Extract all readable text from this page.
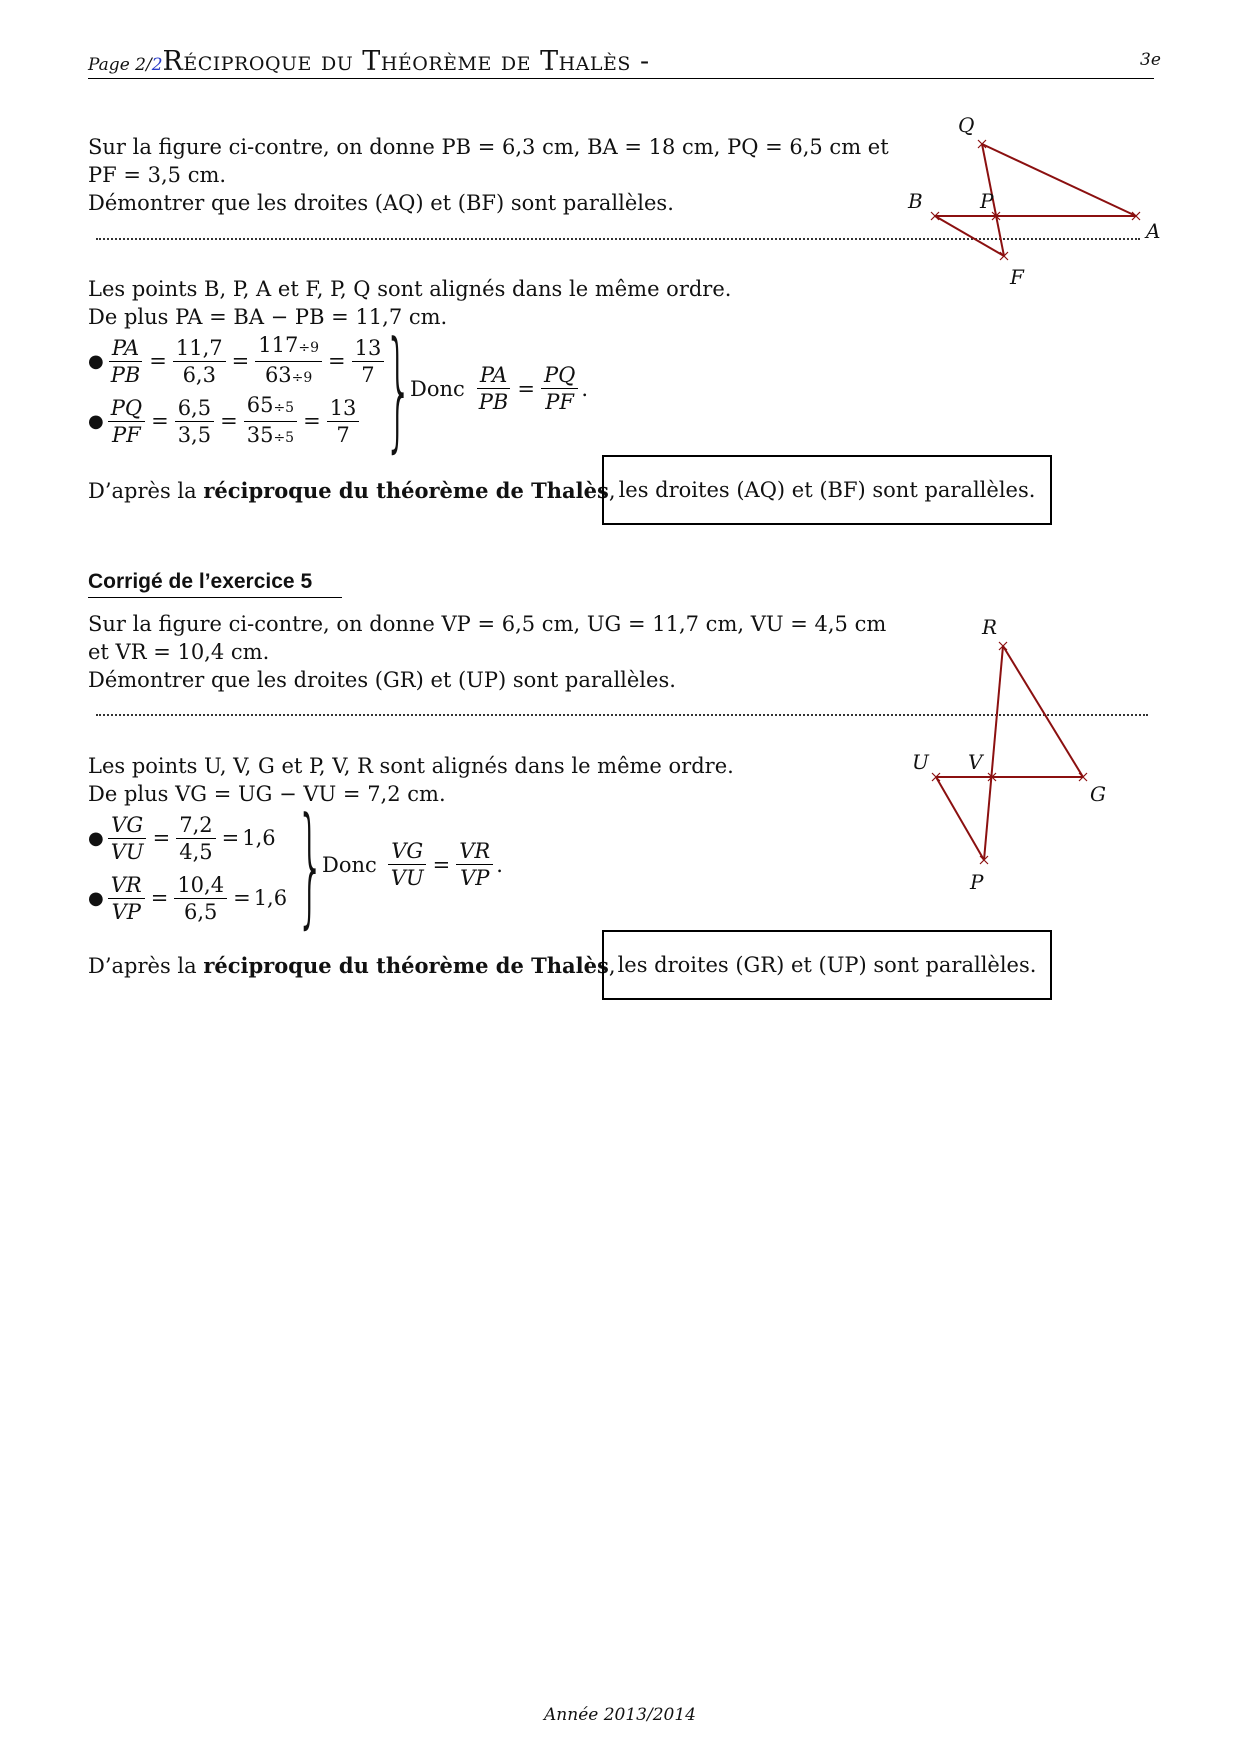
Page 2/2Réciproque du Théorème de Thalès -	3e
Sur la figure ci-contre, on donne PB = 6,3 cm, BA = 18 cm, PQ = 6,5 cm et
PF = 3,5 cm.
Démontrer que les droites (AQ) et (BF) sont parallèles.
Q
B	P
A
F
Les points B, P, A et F, P, Q sont alignés dans le même ordre.
De plus PA = BA − PB = 11,7 cm.
● $\frac{PA}{PB} = \frac{11,7}{6,3} = \frac{117\div 9}{63\div 9} = \frac{13}{7}$
● $\frac{PQ}{PF} = \frac{6,5}{3,5} = \frac{65\div 5}{35\div 5} = \frac{13}{7}$ }
Donc $\frac{PA}{PB} = \frac{PQ}{PF}$ .
D’après la réciproque du théorème de Thalès, les droites (AQ) et (BF) sont parallèles.
Corrigé de l’exercice 5
Sur la figure ci-contre, on donne VP = 6,5 cm, UG = 11,7 cm, VU = 4,5 cm
et VR = 10,4 cm.
Démontrer que les droites (GR) et (UP) sont parallèles.
R
U V
G
P
Les points U, V, G et P, V, R sont alignés dans le même ordre.
De plus VG = UG − VU = 7,2 cm.
● $\frac{VG}{VU} = \frac{7,2}{4,5} = 1,6$
● $\frac{VR}{VP} = \frac{10,4}{6,5} = 1,6$ }
Donc $\frac{VG}{VU} = \frac{VR}{VP}$ .
D’après la réciproque du théorème de Thalès, les droites (GR) et (UP) sont parallèles.
Année 2013/2014
